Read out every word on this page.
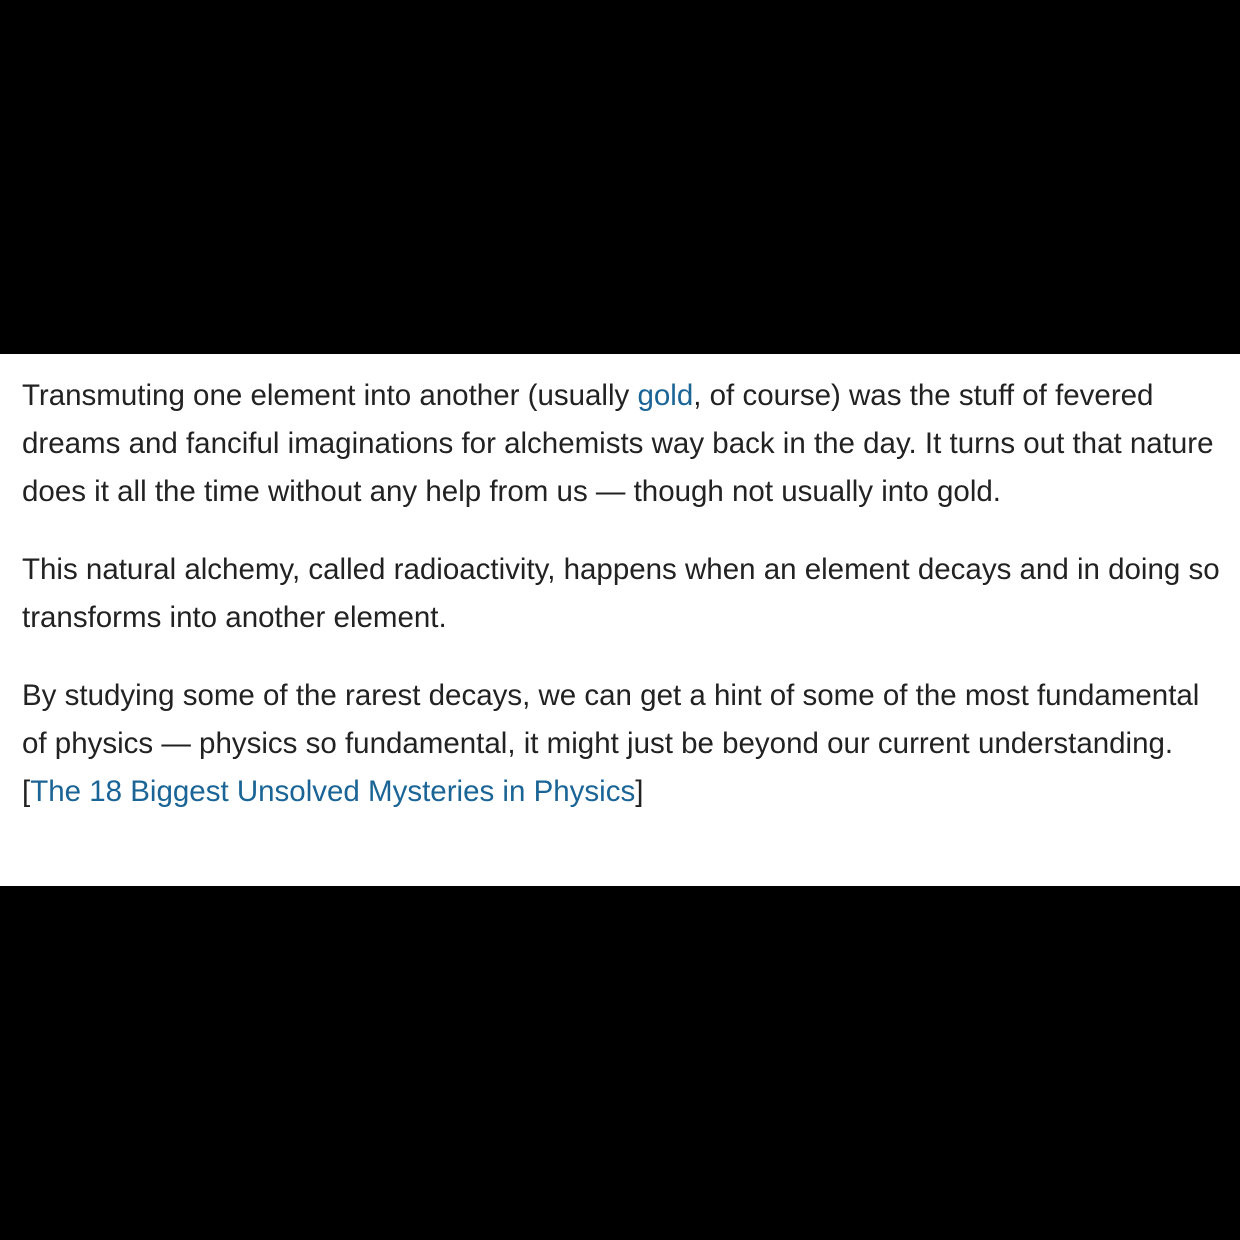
Transmuting one element into another (usually gold, of course) was the stuff of fevered dreams and fanciful imaginations for alchemists way back in the day. It turns out that nature does it all the time without any help from us — though not usually into gold.

This natural alchemy, called radioactivity, happens when an element decays and in doing so transforms into another element.

By studying some of the rarest decays, we can get a hint of some of the most fundamental of physics — physics so fundamental, it might just be beyond our current understanding. [The 18 Biggest Unsolved Mysteries in Physics]
